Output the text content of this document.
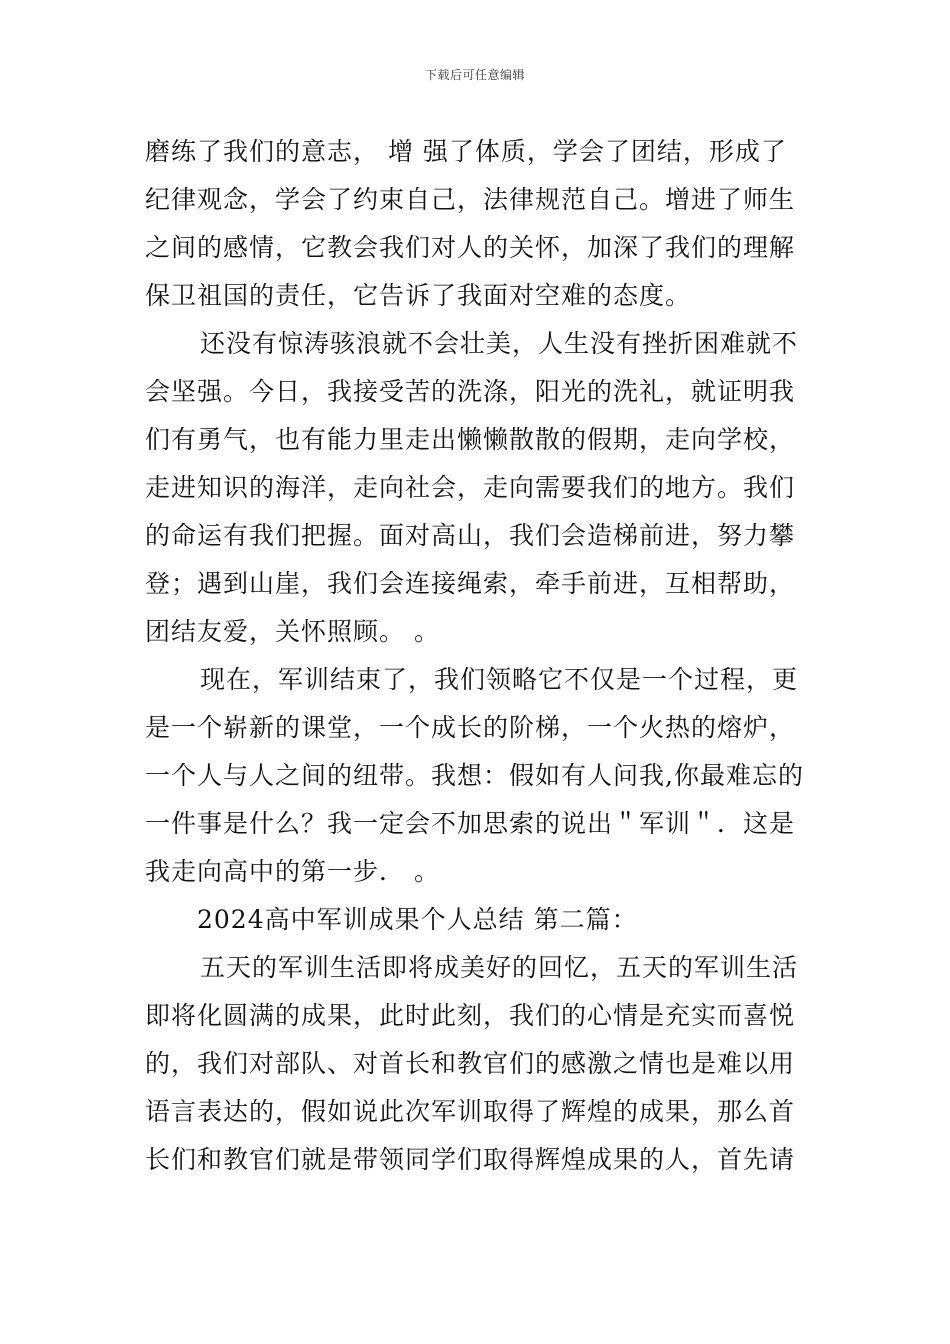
下载后可任意编辑
磨练了我们的意志， 增 强了体质，学会了团结，形成了
纪律观念，学会了约束自己，法律规范自己。增进了师生
之间的感情，它教会我们对人的关怀，加深了我们的理解
保卫祖国的责任，它告诉了我面对空难的态度。
还没有惊涛骇浪就不会壮美，人生没有挫折困难就不
会坚强。今日，我接受苦的洗涤，阳光的洗礼，就证明我
们有勇气，也有能力里走出懒懒散散的假期，走向学校，
走进知识的海洋，走向社会，走向需要我们的地方。我们
的命运有我们把握。面对高山，我们会造梯前进，努力攀
登；遇到山崖，我们会连接绳索，牵手前进，互相帮助，
团结友爱，关怀照顾。 。
现在，军训结束了，我们领略它不仅是一个过程，更
是一个崭新的课堂，一个成长的阶梯，一个火热的熔炉，
一个人与人之间的纽带。我想：假如有人问我,你最难忘的
一件事是什么？我一定会不加思索的说出＂军训＂．这是
我走向高中的第一步． 。
2024高中军训成果个人总结 第二篇：
五天的军训生活即将成美好的回忆，五天的军训生活
即将化圆满的成果，此时此刻，我们的心情是充实而喜悦
的，我们对部队、对首长和教官们的感激之情也是难以用
语言表达的，假如说此次军训取得了辉煌的成果，那么首
长们和教官们就是带领同学们取得辉煌成果的人，首先请
